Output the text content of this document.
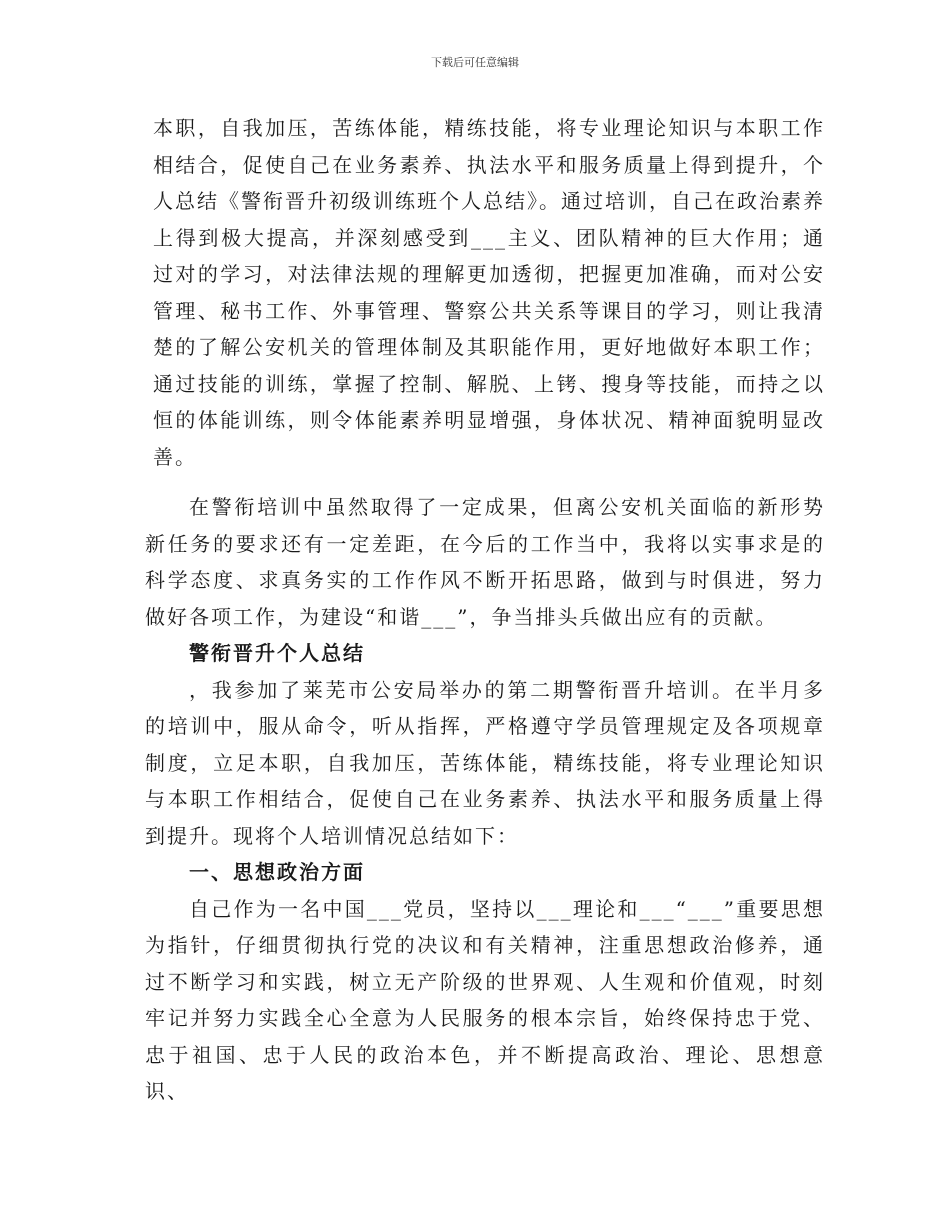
下载后可任意编辑

本职，自我加压，苦练体能，精练技能，将专业理论知识与本职工作相结合，促使自己在业务素养、执法水平和服务质量上得到提升，个人总结《警衔晋升初级训练班个人总结》。通过培训，自己在政治素养上得到极大提高，并深刻感受到___主义、团队精神的巨大作用；通过对的学习，对法律法规的理解更加透彻，把握更加准确，而对公安管理、秘书工作、外事管理、警察公共关系等课目的学习，则让我清楚的了解公安机关的管理体制及其职能作用，更好地做好本职工作；通过技能的训练，掌握了控制、解脱、上铐、搜身等技能，而持之以恒的体能训练，则令体能素养明显增强，身体状况、精神面貌明显改善。

在警衔培训中虽然取得了一定成果，但离公安机关面临的新形势新任务的要求还有一定差距，在今后的工作当中，我将以实事求是的科学态度、求真务实的工作作风不断开拓思路，做到与时俱进，努力做好各项工作，为建设“和谐___”，争当排头兵做出应有的贡献。

警衔晋升个人总结

，我参加了莱芜市公安局举办的第二期警衔晋升培训。在半月多的培训中，服从命令，听从指挥，严格遵守学员管理规定及各项规章制度，立足本职，自我加压，苦练体能，精练技能，将专业理论知识与本职工作相结合，促使自己在业务素养、执法水平和服务质量上得到提升。现将个人培训情况总结如下：

一、思想政治方面

自己作为一名中国___党员，坚持以___理论和___“___”重要思想为指针，仔细贯彻执行党的决议和有关精神，注重思想政治修养，通过不断学习和实践，树立无产阶级的世界观、人生观和价值观，时刻牢记并努力实践全心全意为人民服务的根本宗旨，始终保持忠于党、忠于祖国、忠于人民的政治本色，并不断提高政治、理论、思想意识、
